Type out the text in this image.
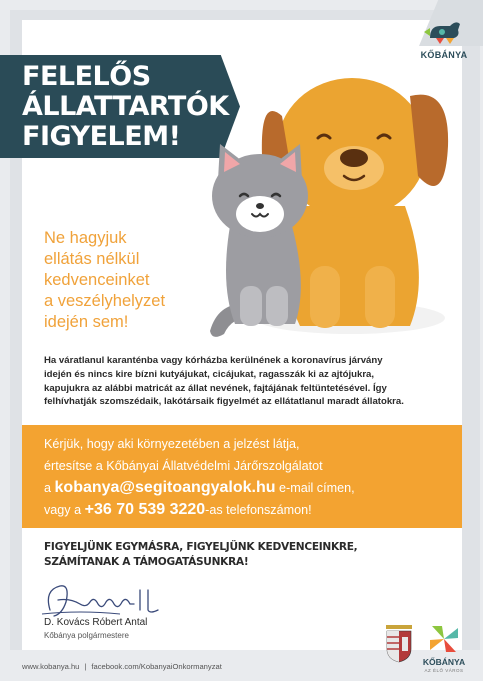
KŐBÁNYA
FELELŐS
ÁLLATTARTÓK
FIGYELEM!
Ne hagyjuk
ellátás nélkül
kedvenceinket
a veszélyhelyzet
idején sem!
Ha váratlanul karanténba vagy kórházba kerülnének a koronavírus járvány
idején és nincs kire bízni kutyájukat, cicájukat, ragasszák ki az ajtójukra,
kapujukra az alábbi matricát az állat nevének, fajtájának feltüntetésével. Így
felhívhatják szomszédaik, lakótársaik figyelmét az ellátatlanul maradt állatokra.
Kérjük, hogy aki környezetében a jelzést látja,
értesítse a Kőbányai Állatvédelmi Járőrszolgálatot
a kobanya@segitoangyalok.hu e-mail címen,
vagy a +36 70 539 3220-as telefonszámon!
FIGYELJÜNK EGYMÁSRA, FIGYELJÜNK KEDVENCEINKRE,
SZÁMÍTANAK A TÁMOGATÁSUNKRA!
D. Kovács Róbert Antal
Kőbánya polgármestere
KŐBÁNYA
AZ ÉLŐ VÁROS
www.kobanya.hu | facebook.com/KobanyaiOnkormanyzat
